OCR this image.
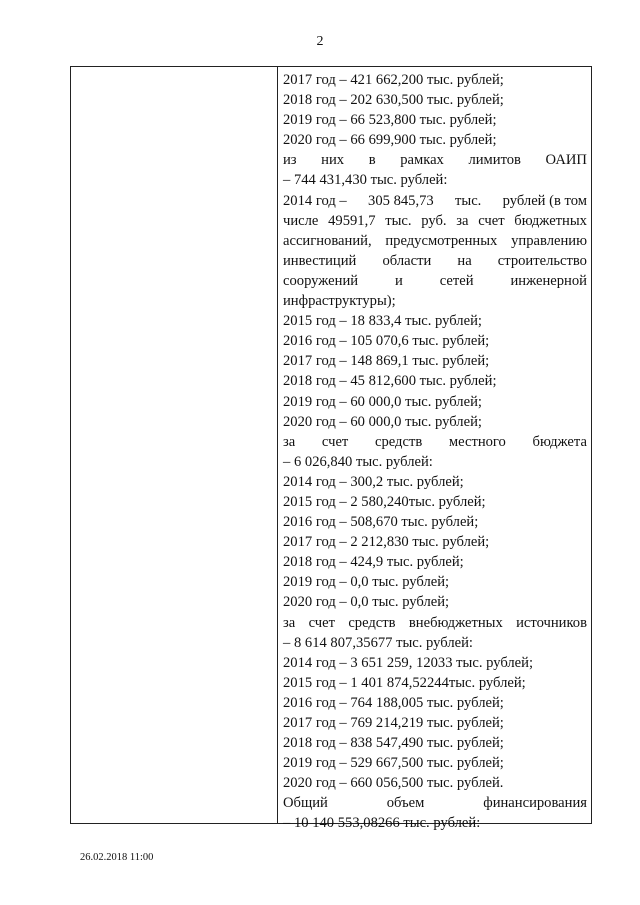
2
2017 год – 421 662,200 тыс. рублей;
2018 год – 202 630,500 тыс. рублей;
2019 год – 66 523,800 тыс. рублей;
2020 год – 66 699,900 тыс. рублей;
из них в рамках лимитов ОАИП
– 744 431,430 тыс. рублей:
2014 год – 305 845,73 тыс. рублей (в том
числе 49591,7 тыс. руб. за счет бюджетных
ассигнований, предусмотренных управлению
инвестиций области на строительство
сооружений	и	сетей	инженерной
инфраструктуры);
2015 год – 18 833,4 тыс. рублей;
2016 год – 105 070,6 тыс. рублей;
2017 год – 148 869,1 тыс. рублей;
2018 год – 45 812,600 тыс. рублей;
2019 год – 60 000,0 тыс. рублей;
2020 год – 60 000,0 тыс. рублей;
за счет средств местного бюджета
– 6 026,840 тыс. рублей:
2014 год – 300,2 тыс. рублей;
2015 год – 2 580,240тыс. рублей;
2016 год – 508,670 тыс. рублей;
2017 год – 2 212,830 тыс. рублей;
2018 год – 424,9 тыс. рублей;
2019 год – 0,0 тыс. рублей;
2020 год – 0,0 тыс. рублей;
за счет средств внебюджетных источников
– 8 614 807,35677 тыс. рублей:
2014 год – 3 651 259, 12033 тыс. рублей;
2015 год – 1 401 874,52244тыс. рублей;
2016 год – 764 188,005 тыс. рублей;
2017 год – 769 214,219 тыс. рублей;
2018 год – 838 547,490 тыс. рублей;
2019 год – 529 667,500 тыс. рублей;
2020 год – 660 056,500 тыс. рублей.
Общий	объем	финансирования
– 10 140 553,08266 тыс. рублей:
26.02.2018 11:00
